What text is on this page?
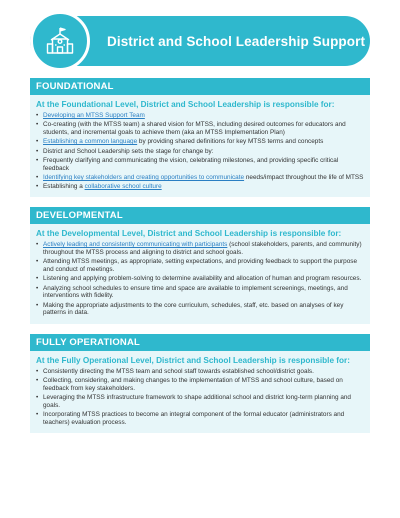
District and School Leadership Support
FOUNDATIONAL
At the Foundational Level, District and School Leadership is responsible for:
• Developing an MTSS Support Team
• Co-creating (with the MTSS team) a shared vision for MTSS, including desired outcomes for educators and students, and incremental goals to achieve them (aka an MTSS Implementation Plan)
• Establishing a common language by providing shared definitions for key MTSS terms and concepts
• District and School Leadership sets the stage for change by:
• Frequently clarifying and communicating the vision, celebrating milestones, and providing specific critical feedback
• Identifying key stakeholders and creating opportunities to communicate needs/impact throughout the life of MTSS
• Establishing a collaborative school culture
DEVELOPMENTAL
At the Developmental Level, District and School Leadership is responsible for:
• Actively leading and consistently communicating with participants (school stakeholders, parents, and community) throughout the MTSS process and aligning to district and school goals.
• Attending MTSS meetings, as appropriate, setting expectations, and providing feedback to support the purpose and conduct of meetings.
• Listening and applying problem-solving to determine availability and allocation of human and program resources.
• Analyzing school schedules to ensure time and space are available to implement screenings, meetings, and interventions with fidelity.
• Making the appropriate adjustments to the core curriculum, schedules, staff, etc. based on analyses of key patterns in data.
FULLY OPERATIONAL
At the Fully Operational Level, District and School Leadership is responsible for:
• Consistently directing the MTSS team and school staff towards established school/district goals.
• Collecting, considering, and making changes to the implementation of MTSS and school culture, based on feedback from key stakeholders.
• Leveraging the MTSS infrastructure framework to shape additional school and district long-term planning and goals.
• Incorporating MTSS practices to become an integral component of the formal educator (administrators and teachers) evaluation process.
